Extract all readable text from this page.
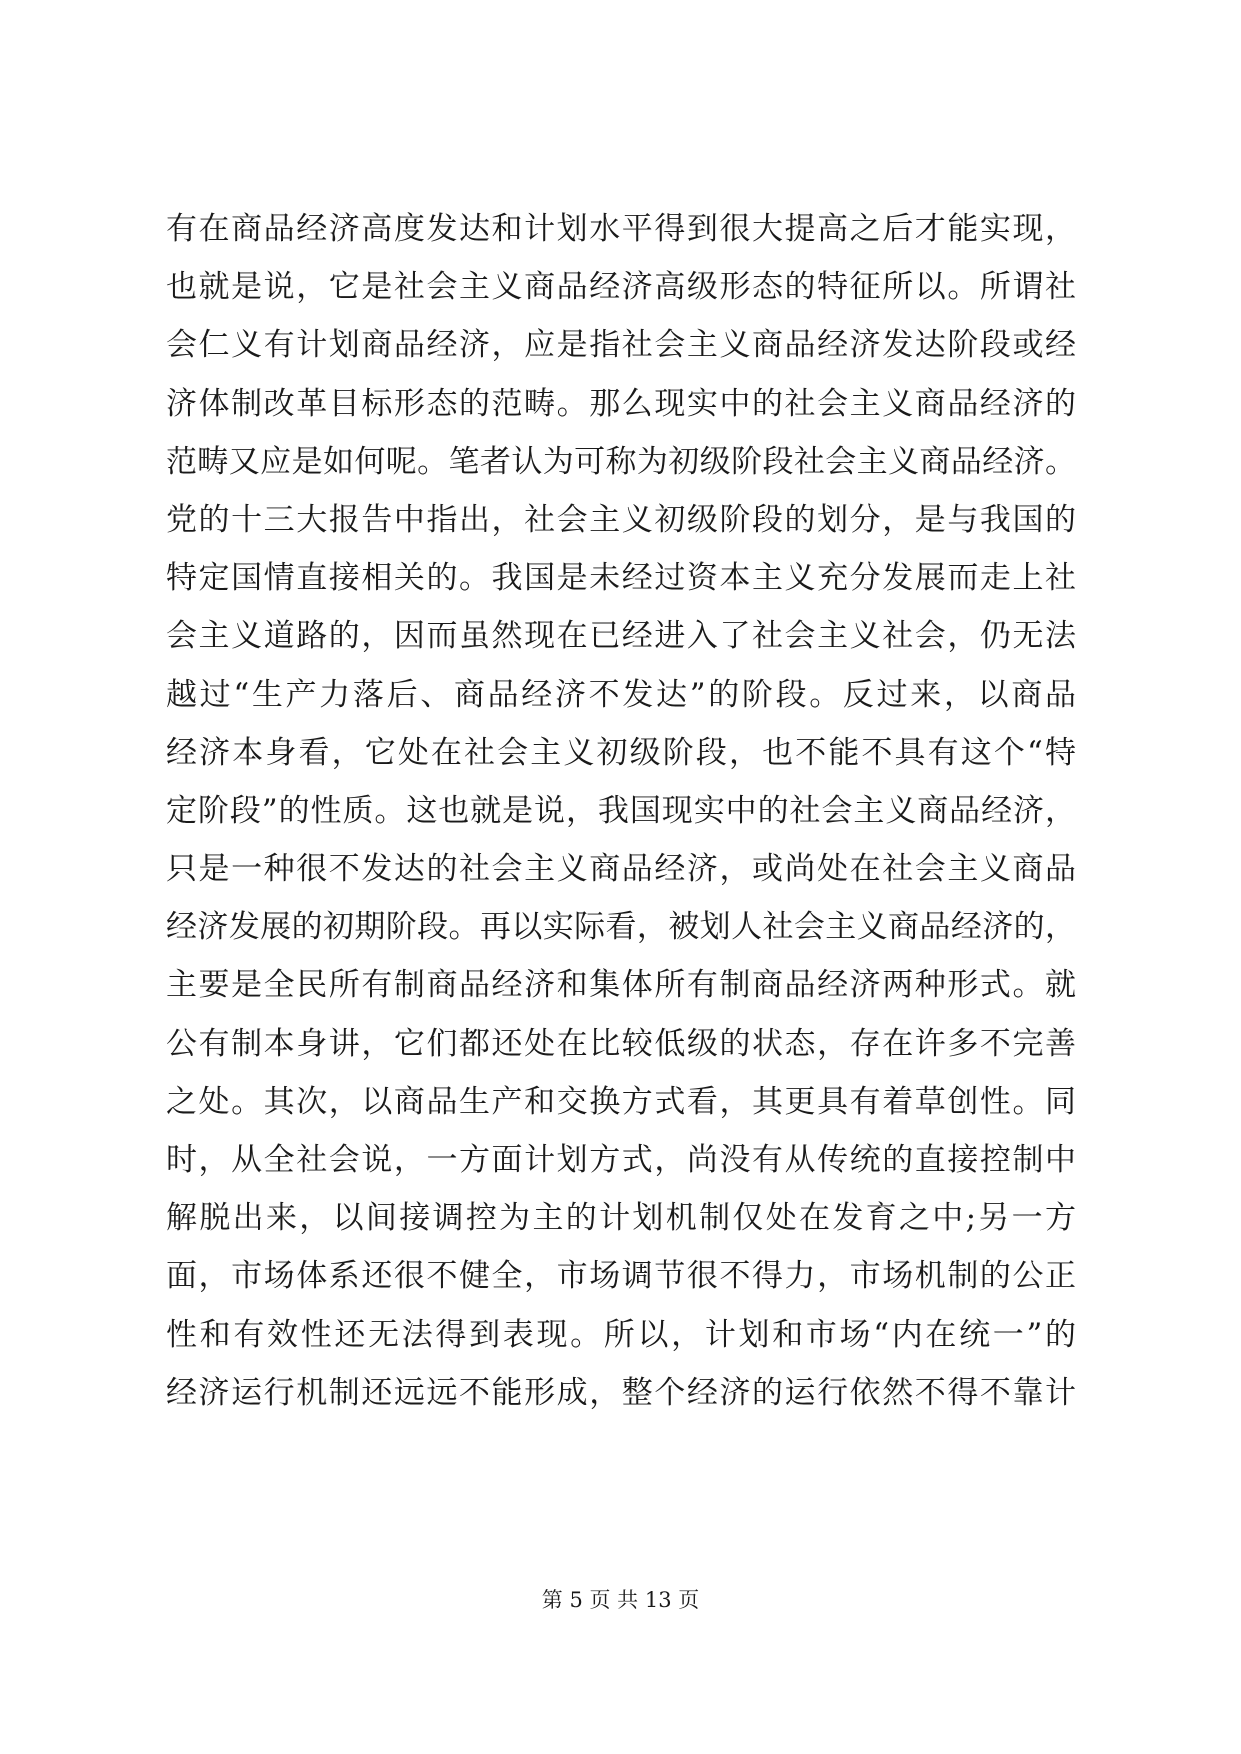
有在商品经济高度发达和计划水平得到很大提高之后才能实现，
也就是说，它是社会主义商品经济高级形态的特征所以。所谓社
会仁义有计划商品经济，应是指社会主义商品经济发达阶段或经
济体制改革目标形态的范畴。那么现实中的社会主义商品经济的
范畴又应是如何呢。笔者认为可称为初级阶段社会主义商品经济。
党的十三大报告中指出，社会主义初级阶段的划分，是与我国的
特定国情直接相关的。我国是未经过资本主义充分发展而走上社
会主义道路的，因而虽然现在已经进入了社会主义社会，仍无法
越过“生产力落后、商品经济不发达”的阶段。反过来，以商品
经济本身看，它处在社会主义初级阶段，也不能不具有这个“特
定阶段”的性质。这也就是说，我国现实中的社会主义商品经济，
只是一种很不发达的社会主义商品经济，或尚处在社会主义商品
经济发展的初期阶段。再以实际看，被划人社会主义商品经济的，
主要是全民所有制商品经济和集体所有制商品经济两种形式。就
公有制本身讲，它们都还处在比较低级的状态，存在许多不完善
之处。其次，以商品生产和交换方式看，其更具有着草创性。同
时，从全社会说，一方面计划方式，尚没有从传统的直接控制中
解脱出来，以间接调控为主的计划机制仅处在发育之中;另一方
面，市场体系还很不健全，市场调节很不得力，市场机制的公正
性和有效性还无法得到表现。所以，计划和市场“内在统一”的
经济运行机制还远远不能形成，整个经济的运行依然不得不靠计
第 5 页 共 13 页
